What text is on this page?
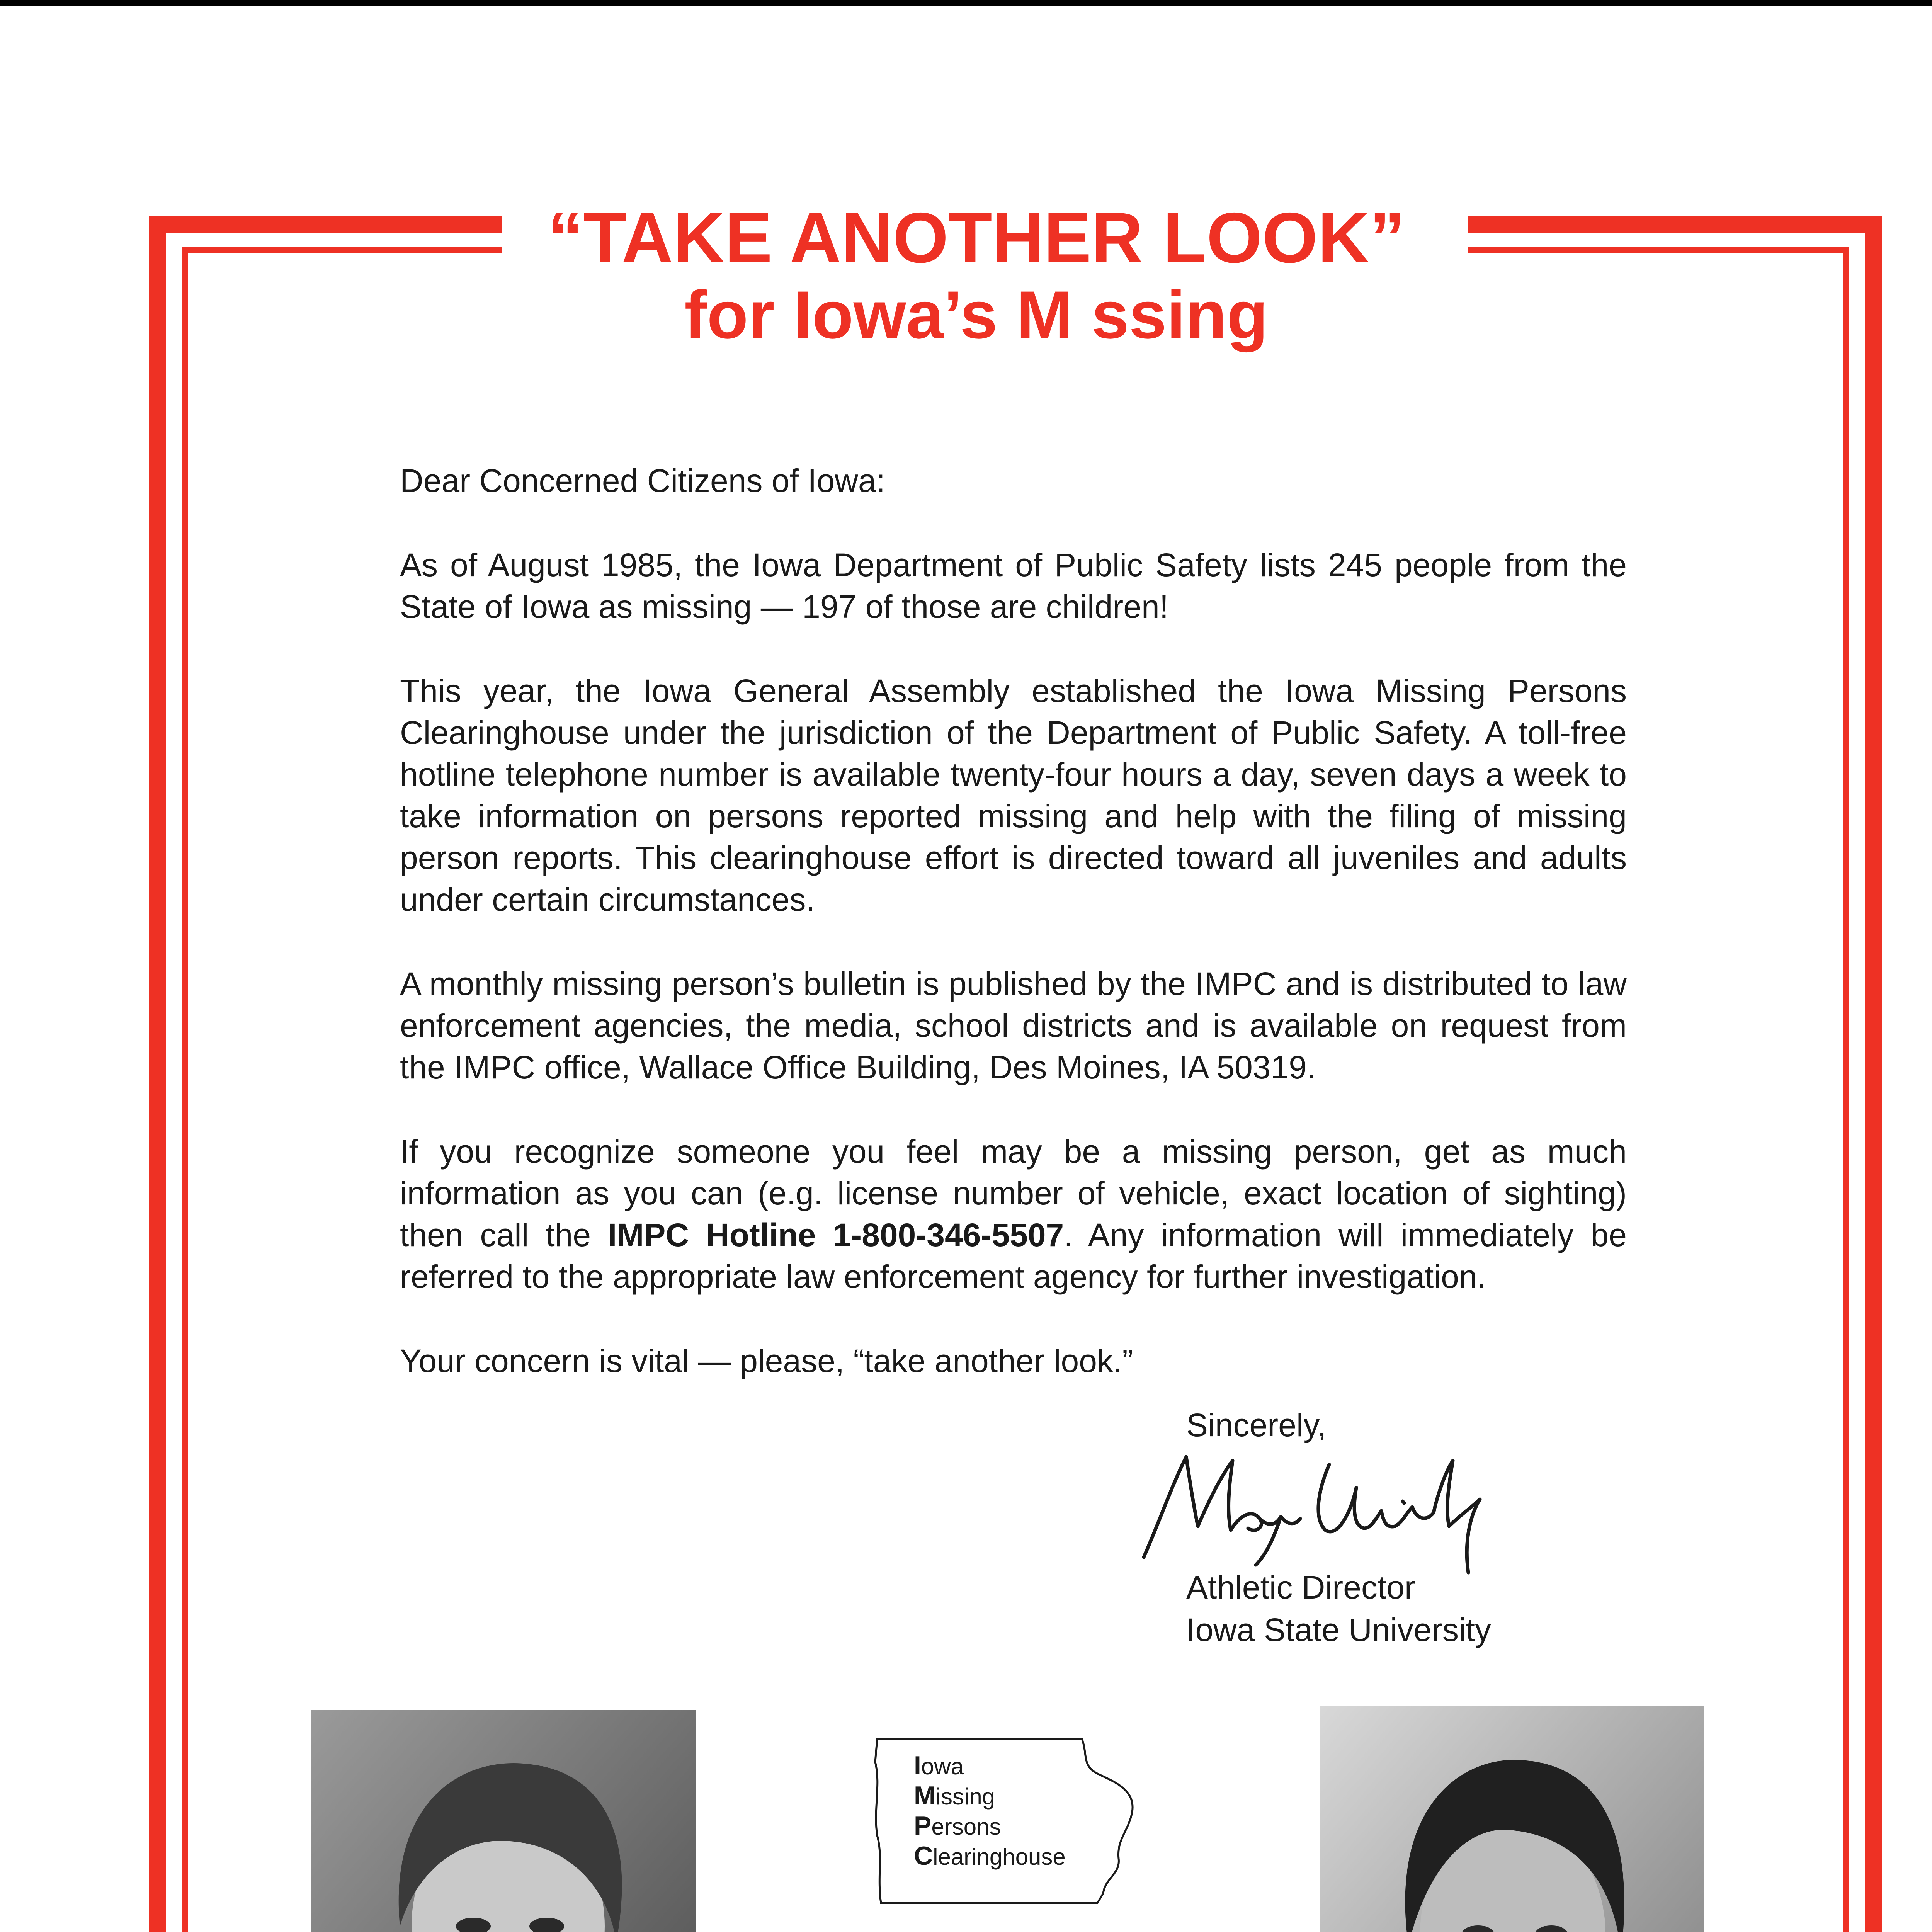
“TAKE ANOTHER LOOK”
for Iowa’s M ssing

Dear Concerned Citizens of Iowa:

As of August 1985, the Iowa Department of Public Safety lists 245 people from the State of Iowa as missing — 197 of those are children!

This year, the Iowa General Assembly established the Iowa Missing Persons Clearinghouse under the jurisdiction of the Department of Public Safety. A toll-free hotline telephone number is available twenty-four hours a day, seven days a week to take information on persons reported missing and help with the filing of missing person reports. This clearinghouse effort is directed toward all juveniles and adults under certain circumstances.

A monthly missing person’s bulletin is published by the IMPC and is distributed to law enforcement agencies, the media, school districts and is available on request from the IMPC office, Wallace Office Building, Des Moines, IA 50319.

If you recognize someone you feel may be a missing person, get as much information as you can (e.g. license number of vehicle, exact location of sighting) then call the IMPC Hotline 1-800-346-5507. Any information will immediately be referred to the appropriate law enforcement agency for further investigation.

Your concern is vital — please, “take another look.”

Sincerely,
Athletic Director
Iowa State University
Iowa
Missing
Persons
Clearinghouse
